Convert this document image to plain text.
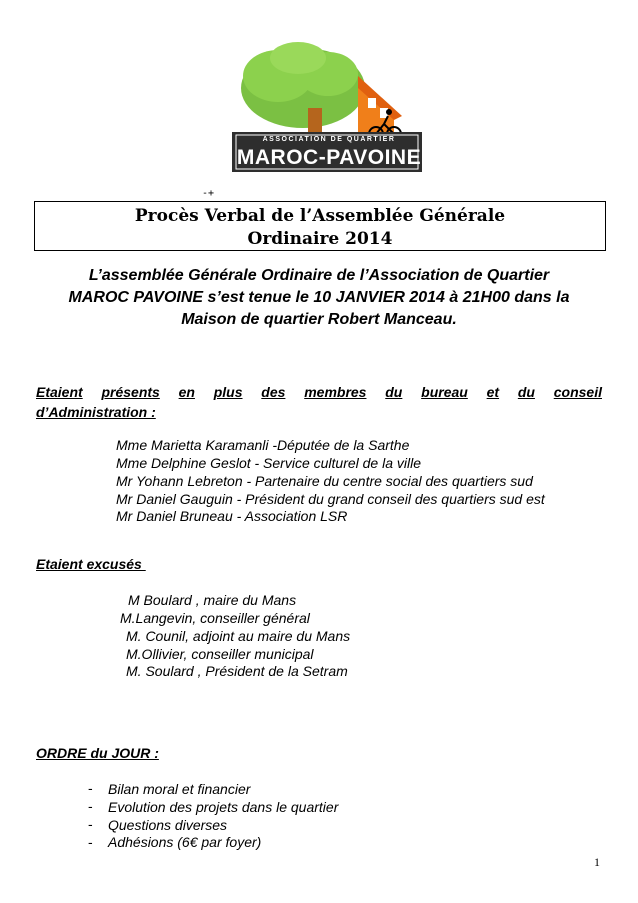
ASSOCIATION DE QUARTIER
MAROC-PAVOINE
-+
Procès Verbal de l’Assemblée Générale
Ordinaire 2014
L’assemblée Générale Ordinaire de l’Association de Quartier
MAROC PAVOINE s’est tenue le 10 JANVIER 2014 à 21H00 dans la
Maison de quartier Robert Manceau.
Etaient présents en plus des membres du bureau et du conseil
d’Administration :
Mme Marietta Karamanli -Députée de la Sarthe
Mme Delphine Geslot - Service culturel de la ville
Mr Yohann Lebreton - Partenaire du centre social des quartiers sud
Mr Daniel Gauguin - Président du grand conseil des quartiers sud est
Mr Daniel Bruneau - Association LSR
Etaient excusés
M Boulard , maire du Mans
M.Langevin, conseiller général
M. Counil, adjoint au maire du Mans
M.Ollivier, conseiller municipal
M. Soulard , Président de la Setram
ORDRE du JOUR :
- Bilan moral et financier
- Evolution des projets dans le quartier
- Questions diverses
- Adhésions (6€ par foyer)
1
